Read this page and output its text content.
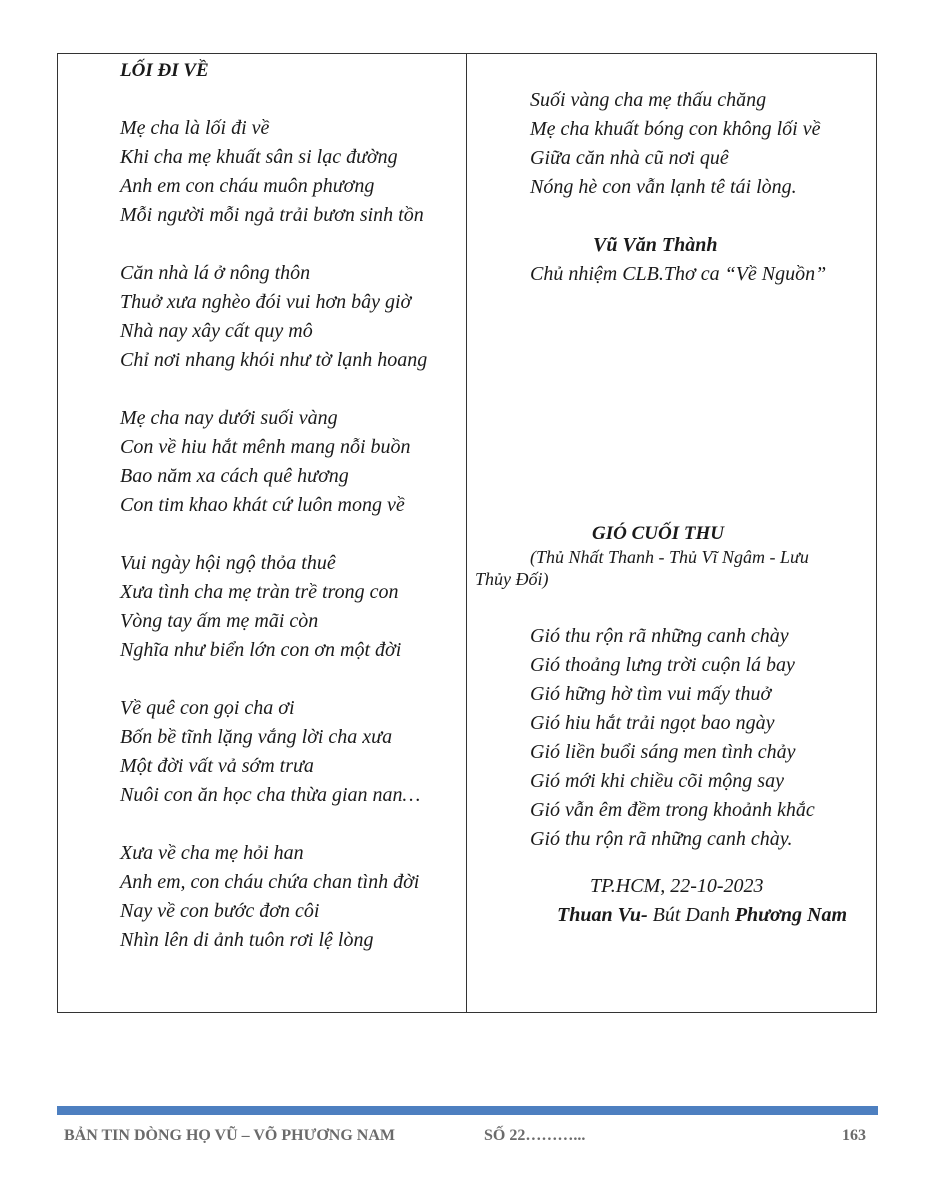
LỐI ĐI VỀ
Mẹ cha là lối đi về
Khi cha mẹ khuất sân si lạc đường
Anh em con cháu muôn phương
Mỗi người mỗi ngả trải bươn sinh tồn
Căn nhà lá ở nông thôn
Thuở xưa nghèo đói vui hơn bây giờ
Nhà nay xây cất quy mô
Chỉ nơi nhang khói như tờ lạnh hoang
Mẹ cha nay dưới suối vàng
Con về hiu hắt mênh mang nỗi buồn
Bao năm xa cách quê hương
Con tim khao khát cứ luôn mong về
Vui ngày hội ngộ thỏa thuê
Xưa tình cha mẹ tràn trề trong con
Vòng tay ấm mẹ mãi còn
Nghĩa như biển lớn con ơn một đời
Về quê con gọi cha ơi
Bốn bề tĩnh lặng vắng lời cha xưa
Một đời vất vả sớm trưa
Nuôi con ăn học cha thừa gian nan…
Xưa về cha mẹ hỏi han
Anh em, con cháu chứa chan tình đời
Nay về con bước đơn côi
Nhìn lên di ảnh tuôn rơi lệ lòng
Suối vàng cha mẹ thấu chăng
Mẹ cha khuất bóng con không lối về
Giữa căn nhà cũ nơi quê
Nóng hè con vẫn lạnh tê tái lòng.
Vũ Văn Thành
Chủ nhiệm CLB.Thơ ca “Về Nguồn”
GIÓ CUỐI THU
(Thủ Nhất Thanh - Thủ Vĩ Ngâm - Lưu
Thủy Đối)
Gió thu rộn rã những canh chày
Gió thoảng lưng trời cuộn lá bay
Gió hững hờ tìm vui mấy thuở
Gió hiu hắt trải ngọt bao ngày
Gió liền buổi sáng men tình chảy
Gió mới khi chiều cõi mộng say
Gió vẫn êm đềm trong khoảnh khắc
Gió thu rộn rã những canh chày.
TP.HCM, 22-10-2023
Thuan Vu- Bút Danh Phương Nam
BẢN TIN DÒNG HỌ VŨ – VÕ PHƯƠNG NAM	SỐ 22………...	163
